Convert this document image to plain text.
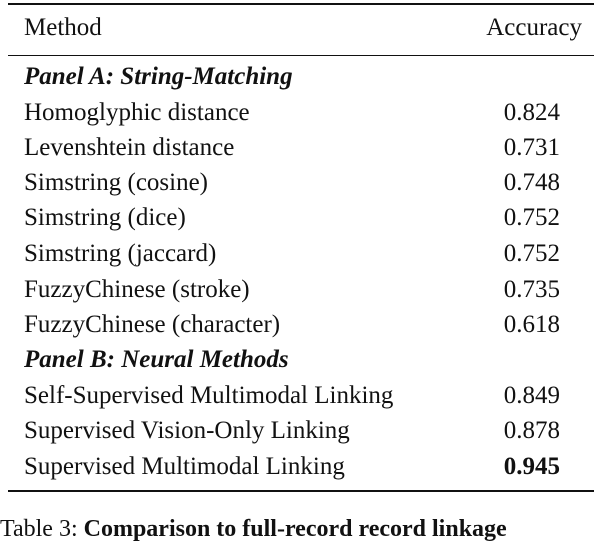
Method	Accuracy
Panel A: String-Matching
Homoglyphic distance	0.824
Levenshtein distance	0.731
Simstring (cosine)	0.748
Simstring (dice)	0.752
Simstring (jaccard)	0.752
FuzzyChinese (stroke)	0.735
FuzzyChinese (character)	0.618
Panel B: Neural Methods
Self-Supervised Multimodal Linking	0.849
Supervised Vision-Only Linking	0.878
Supervised Multimodal Linking	0.945
Table 3: Comparison to full-record record linkage
